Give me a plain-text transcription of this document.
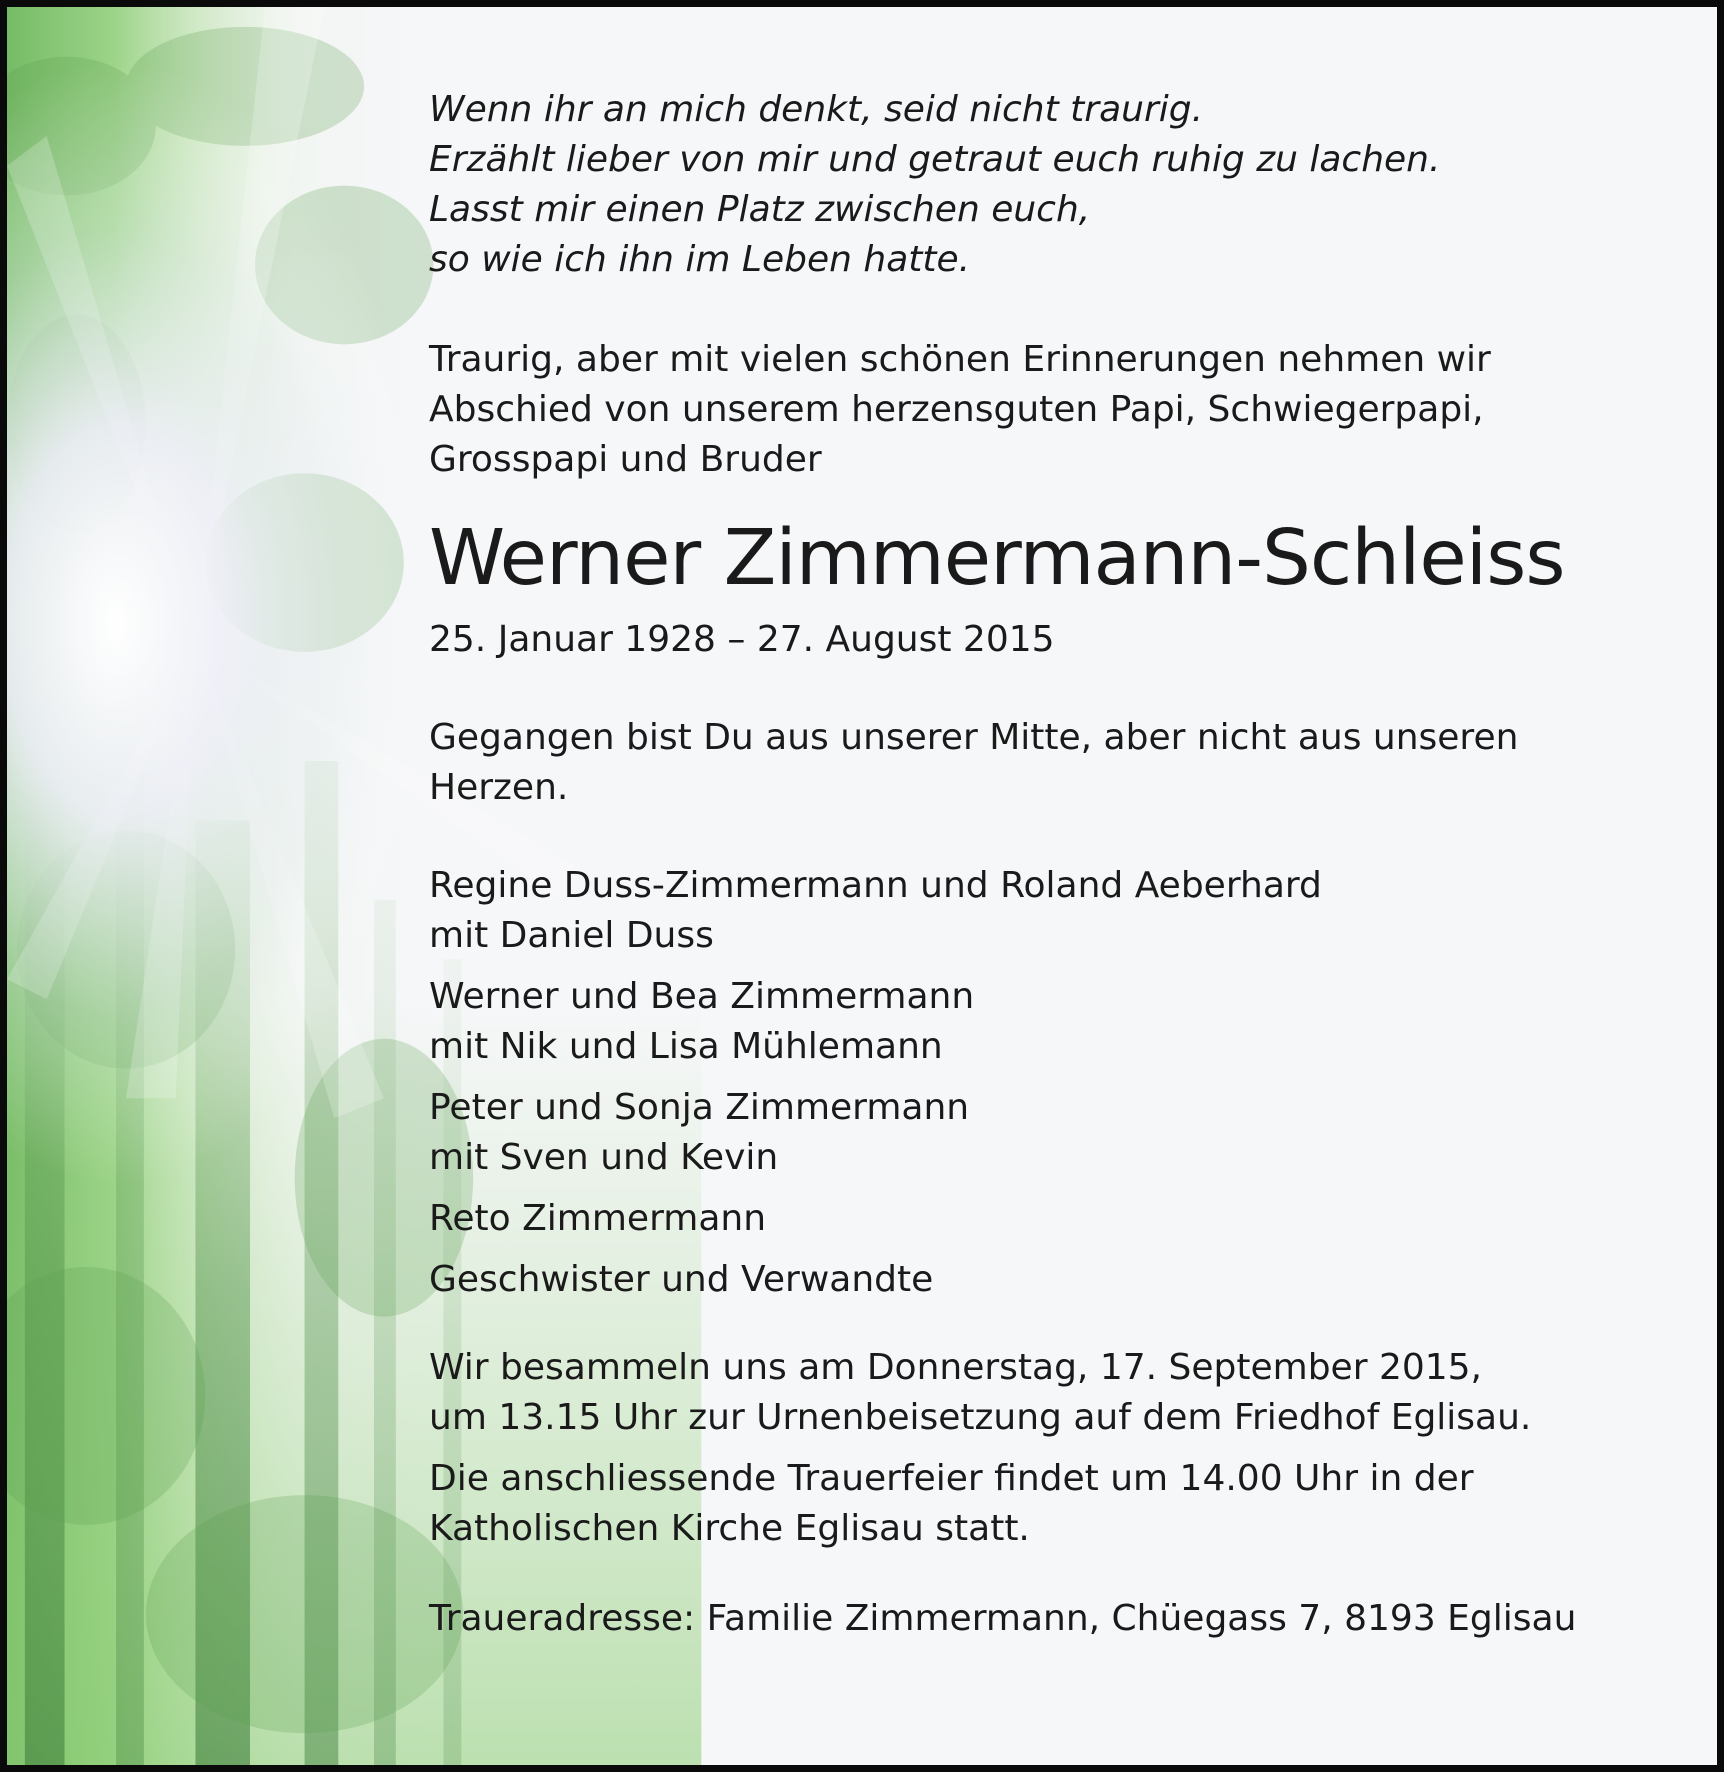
Wenn ihr an mich denkt, seid nicht traurig.
Erzählt lieber von mir und getraut euch ruhig zu lachen.
Lasst mir einen Platz zwischen euch,
so wie ich ihn im Leben hatte.

Traurig, aber mit vielen schönen Erinnerungen nehmen wir
Abschied von unserem herzensguten Papi, Schwiegerpapi,
Grosspapi und Bruder

Werner Zimmermann-Schleiss
25. Januar 1928 – 27. August 2015

Gegangen bist Du aus unserer Mitte, aber nicht aus unseren
Herzen.

Regine Duss-Zimmermann und Roland Aeberhard
mit Daniel Duss
Werner und Bea Zimmermann
mit Nik und Lisa Mühlemann
Peter und Sonja Zimmermann
mit Sven und Kevin
Reto Zimmermann
Geschwister und Verwandte
Wir besammeln uns am Donnerstag, 17. September 2015,
um 13.15 Uhr zur Urnenbeisetzung auf dem Friedhof Eglisau.
Die anschliessende Trauerfeier findet um 14.00 Uhr in der
Katholischen Kirche Eglisau statt.
Traueradresse: Familie Zimmermann, Chüegass 7, 8193 Eglisau
